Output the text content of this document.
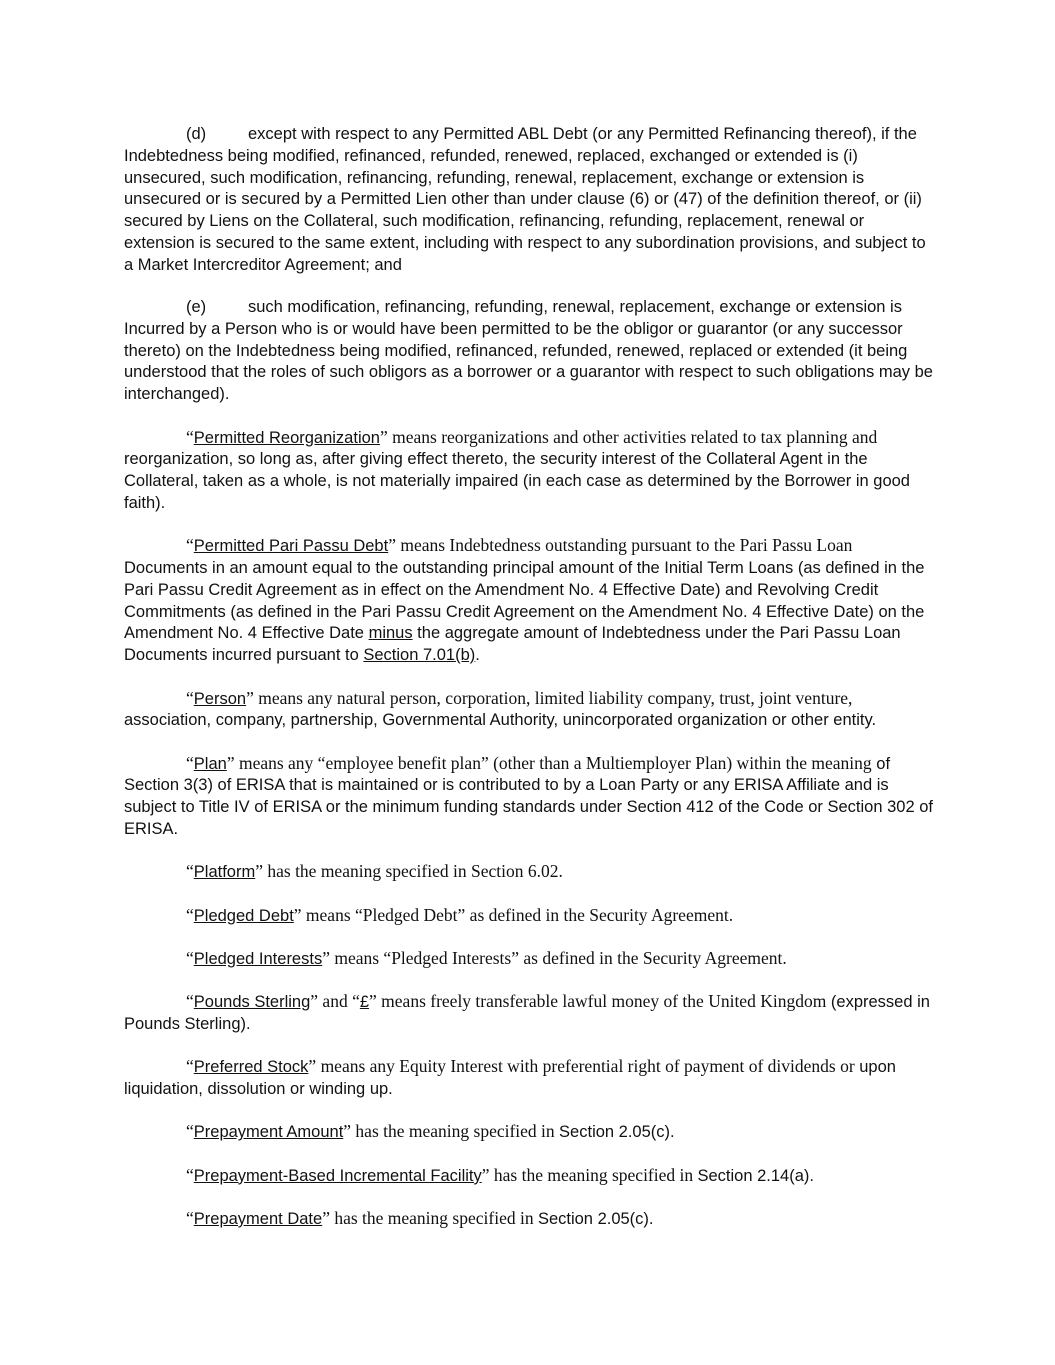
(d)	except with respect to any Permitted ABL Debt (or any Permitted Refinancing thereof), if the Indebtedness being modified, refinanced, refunded, renewed, replaced, exchanged or extended is (i) unsecured, such modification, refinancing, refunding, renewal, replacement, exchange or extension is unsecured or is secured by a Permitted Lien other than under clause (6) or (47) of the definition thereof, or (ii) secured by Liens on the Collateral, such modification, refinancing, refunding, replacement, renewal or extension is secured to the same extent, including with respect to any subordination provisions, and subject to a Market Intercreditor Agreement; and

(e)	such modification, refinancing, refunding, renewal, replacement, exchange or extension is Incurred by a Person who is or would have been permitted to be the obligor or guarantor (or any successor thereto) on the Indebtedness being modified, refinanced, refunded, renewed, replaced or extended (it being understood that the roles of such obligors as a borrower or a guarantor with respect to such obligations may be interchanged).

“Permitted Reorganization” means reorganizations and other activities related to tax planning and reorganization, so long as, after giving effect thereto, the security interest of the Collateral Agent in the Collateral, taken as a whole, is not materially impaired (in each case as determined by the Borrower in good faith).

“Permitted Pari Passu Debt” means Indebtedness outstanding pursuant to the Pari Passu Loan Documents in an amount equal to the outstanding principal amount of the Initial Term Loans (as defined in the Pari Passu Credit Agreement as in effect on the Amendment No. 4 Effective Date) and Revolving Credit Commitments (as defined in the Pari Passu Credit Agreement on the Amendment No. 4 Effective Date) on the Amendment No. 4 Effective Date minus the aggregate amount of Indebtedness under the Pari Passu Loan Documents incurred pursuant to Section 7.01(b).

“Person” means any natural person, corporation, limited liability company, trust, joint venture, association, company, partnership, Governmental Authority, unincorporated organization or other entity.

“Plan” means any “employee benefit plan” (other than a Multiemployer Plan) within the meaning of Section 3(3) of ERISA that is maintained or is contributed to by a Loan Party or any ERISA Affiliate and is subject to Title IV of ERISA or the minimum funding standards under Section 412 of the Code or Section 302 of ERISA.

“Platform” has the meaning specified in Section 6.02.

“Pledged Debt” means “Pledged Debt” as defined in the Security Agreement.

“Pledged Interests” means “Pledged Interests” as defined in the Security Agreement.

“Pounds Sterling” and “£” means freely transferable lawful money of the United Kingdom (expressed in Pounds Sterling).

“Preferred Stock” means any Equity Interest with preferential right of payment of dividends or upon liquidation, dissolution or winding up.

“Prepayment Amount” has the meaning specified in Section 2.05(c).

“Prepayment-Based Incremental Facility” has the meaning specified in Section 2.14(a).

“Prepayment Date” has the meaning specified in Section 2.05(c).
